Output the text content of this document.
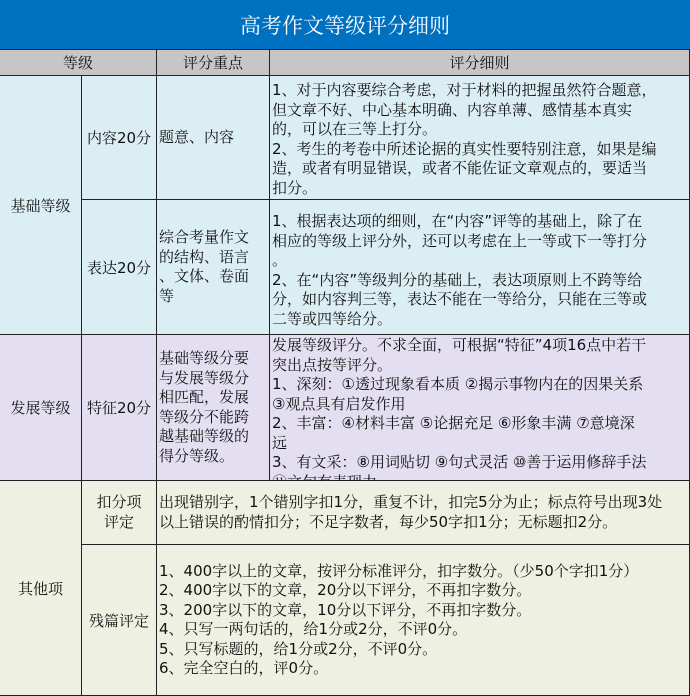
高考作文等级评分细则
等级	评分重点	评分细则
基础等级
发展等级
其他项
内容20分 题意、内容
1、对于内容要综合考虑，对于材料的把握虽然符合题意，
但文章不好、中心基本明确、内容单薄、感情基本真实
的，可以在三等上打分。
2、考生的考卷中所述论据的真实性要特别注意，如果是编
造，或者有明显错误，或者不能佐证文章观点的，要适当
扣分。
表达20分
综合考量作文
的结构、语言
、文体、卷面
等
1、根据表达项的细则，在“内容”评等的基础上，除了在
相应的等级上评分外，还可以考虑在上一等或下一等打分
。
2、在“内容”等级判分的基础上，表达项原则上不跨等给
分，如内容判三等，表达不能在一等给分，只能在三等或
二等或四等给分。
特征20分
基础等级分要
与发展等级分
相匹配，发展
等级分不能跨
越基础等级的
得分等级。
发展等级评分。不求全面，可根据“特征”4项16点中若干
突出点按等评分。
1、深刻：①透过现象看本质 ②揭示事物内在的因果关系
③观点具有启发作用
2、丰富：④材料丰富 ⑤论据充足 ⑥形象丰满 ⑦意境深
远
3、有文采：⑧用词贴切 ⑨句式灵活 ⑩善于运用修辞手法
扣分项
评定
出现错别字，1个错别字扣1分，重复不计，扣完5分为止；标点符号出现3处
以上错误的酌情扣分；不足字数者，每少50字扣1分；无标题扣2分。
残篇评定
1、400字以上的文章，按评分标准评分，扣字数分。（少50个字扣1分）
2、400字以下的文章，20分以下评分，不再扣字数分。
3、200字以下的文章，10分以下评分，不再扣字数分。
4、只写一两句话的，给1分或2分，不评0分。
5、只写标题的，给1分或2分，不评0分。
6、完全空白的，评0分。
